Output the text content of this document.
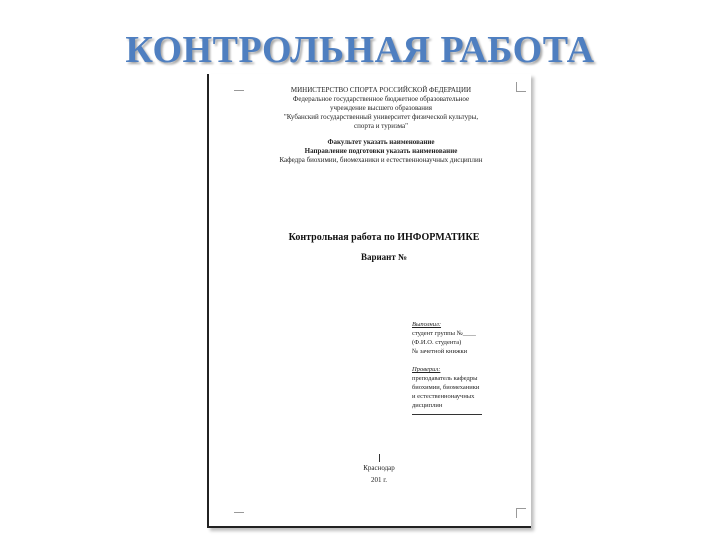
КОНТРОЛЬНАЯ РАБОТА
МИНИСТЕРСТВО СПОРТА РОССИЙСКОЙ ФЕДЕРАЦИИ
Федеральное государственное бюджетное образовательное
учреждение высшего образования
"Кубанский государственный университет физической культуры,
спорта и туризма"
Факультет указать наименование
Направление подготовки указать наименование
Кафедра биохимии, биомеханики и естественнонаучных дисциплин
Контрольная работа по ИНФОРМАТИКЕ
Вариант №
Выполнил:
студент группы №____
(Ф.И.О. студента)
№ зачетной книжки
Проверил:
преподаватель кафедры
биохимии, биомеханики
и естественнонаучных
дисциплин
Краснодар
201 г.
